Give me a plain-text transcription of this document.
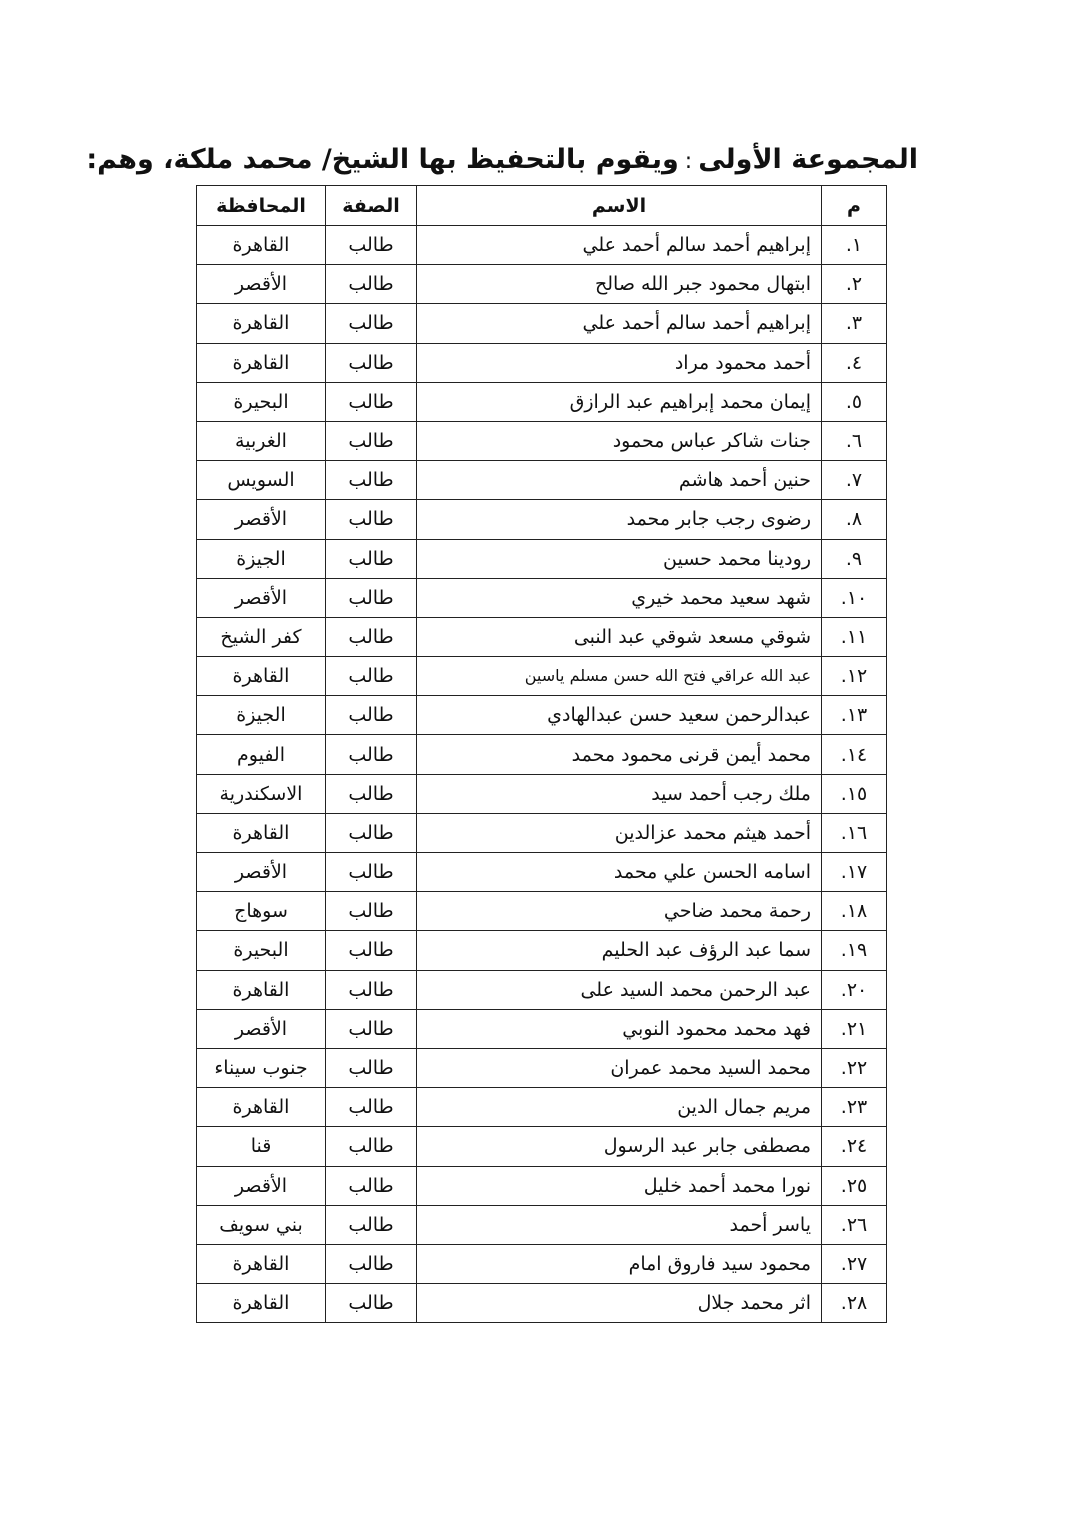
المجموعة الأولى:ويقوم بالتحفيظ بها الشيخ/ محمد ملكة، وهم:
م	الاسم	الصفة	المحافظة
١.	إبراهيم أحمد سالم أحمد علي	طالب	القاهرة
٢.	ابتهال محمود جبر الله صالح	طالب	الأقصر
٣.	إبراهيم أحمد سالم أحمد علي	طالب	القاهرة
٤.	أحمد محمود مراد	طالب	القاهرة
٥.	إيمان محمد إبراهيم عبد الرازق	طالب	البحيرة
٦.	جنات شاكر عباس محمود	طالب	الغربية
٧.	حنين أحمد هاشم	طالب	السويس
٨.	رضوى رجب جابر محمد	طالب	الأقصر
٩.	رودينا محمد حسين	طالب	الجيزة
١٠.	شهد سعيد محمد خيري	طالب	الأقصر
١١.	شوقي مسعد شوقي عبد النبى	طالب	كفر الشيخ
١٢.	عبد الله عراقي فتح الله حسن مسلم ياسين	طالب	القاهرة
١٣.	عبدالرحمن سعيد حسن عبدالهادي	طالب	الجيزة
١٤.	محمد أيمن قرنى محمود محمد	طالب	الفيوم
١٥.	ملك رجب أحمد سيد	طالب	الاسكندرية
١٦.	أحمد هيثم محمد عزالدين	طالب	القاهرة
١٧.	اسامه الحسن علي محمد	طالب	الأقصر
١٨.	رحمة محمد ضاحي	طالب	سوهاج
١٩.	سما عبد الرؤف عبد الحليم	طالب	البحيرة
٢٠.	عبد الرحمن محمد السيد على	طالب	القاهرة
٢١.	فهد محمد محمود النوبي	طالب	الأقصر
٢٢.	محمد السيد محمد عمران	طالب	جنوب سيناء
٢٣.	مريم جمال الدين	طالب	القاهرة
٢٤.	مصطفى جابر عبد الرسول	طالب	قنا
٢٥.	نورا محمد أحمد خليل	طالب	الأقصر
٢٦.	ياسر أحمد	طالب	بني سويف
٢٧.	محمود سيد فاروق امام	طالب	القاهرة
٢٨.	اثر محمد جلال	طالب	القاهرة
